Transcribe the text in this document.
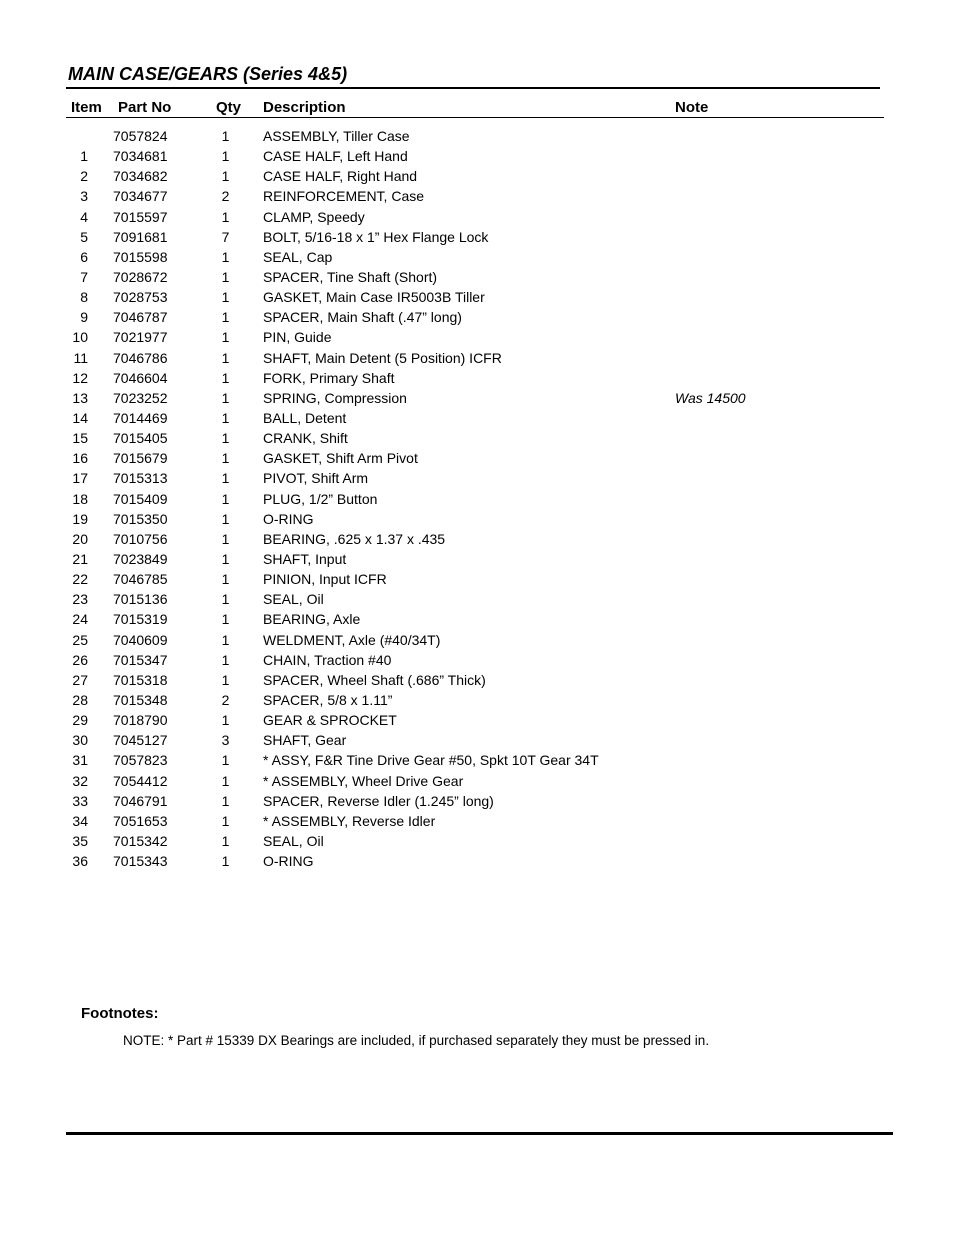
MAIN CASE/GEARS (Series 4&5)
Item Part No	Qty Description	Note
7057824	1 ASSEMBLY, Tiller Case
1 7034681	1 CASE HALF, Left Hand
2 7034682	1 CASE HALF, Right Hand
3 7034677	2 REINFORCEMENT, Case
4 7015597	1 CLAMP, Speedy
5 7091681	7 BOLT, 5/16-18 x 1” Hex Flange Lock
6 7015598	1 SEAL, Cap
7 7028672	1 SPACER, Tine Shaft (Short)
8 7028753	1 GASKET, Main Case IR5003B Tiller
9 7046787	1 SPACER, Main Shaft (.47” long)
10 7021977	1 PIN, Guide
11 7046786	1 SHAFT, Main Detent (5 Position) ICFR
12 7046604	1 FORK, Primary Shaft
13 7023252	1 SPRING, Compression	Was 14500
14 7014469	1 BALL, Detent
15 7015405	1 CRANK, Shift
16 7015679	1 GASKET, Shift Arm Pivot
17 7015313	1 PIVOT, Shift Arm
18 7015409	1 PLUG, 1/2” Button
19 7015350	1 O-RING
20 7010756	1 BEARING, .625 x 1.37 x .435
21 7023849	1 SHAFT, Input
22 7046785	1 PINION, Input ICFR
23 7015136	1 SEAL, Oil
24 7015319	1 BEARING, Axle
25 7040609	1 WELDMENT, Axle (#40/34T)
26 7015347	1 CHAIN, Traction #40
27 7015318	1 SPACER, Wheel Shaft (.686” Thick)
28 7015348	2 SPACER, 5/8 x 1.11”
29 7018790	1 GEAR & SPROCKET
30 7045127	3 SHAFT, Gear
31 7057823	1 * ASSY, F&R Tine Drive Gear #50, Spkt 10T Gear 34T
32 7054412	1 * ASSEMBLY, Wheel Drive Gear
33 7046791	1 SPACER, Reverse Idler (1.245” long)
34 7051653	1 * ASSEMBLY, Reverse Idler
35 7015342	1 SEAL, Oil
36 7015343	1 O-RING
Footnotes:
NOTE: * Part # 15339 DX Bearings are included, if purchased separately they must be pressed in.
